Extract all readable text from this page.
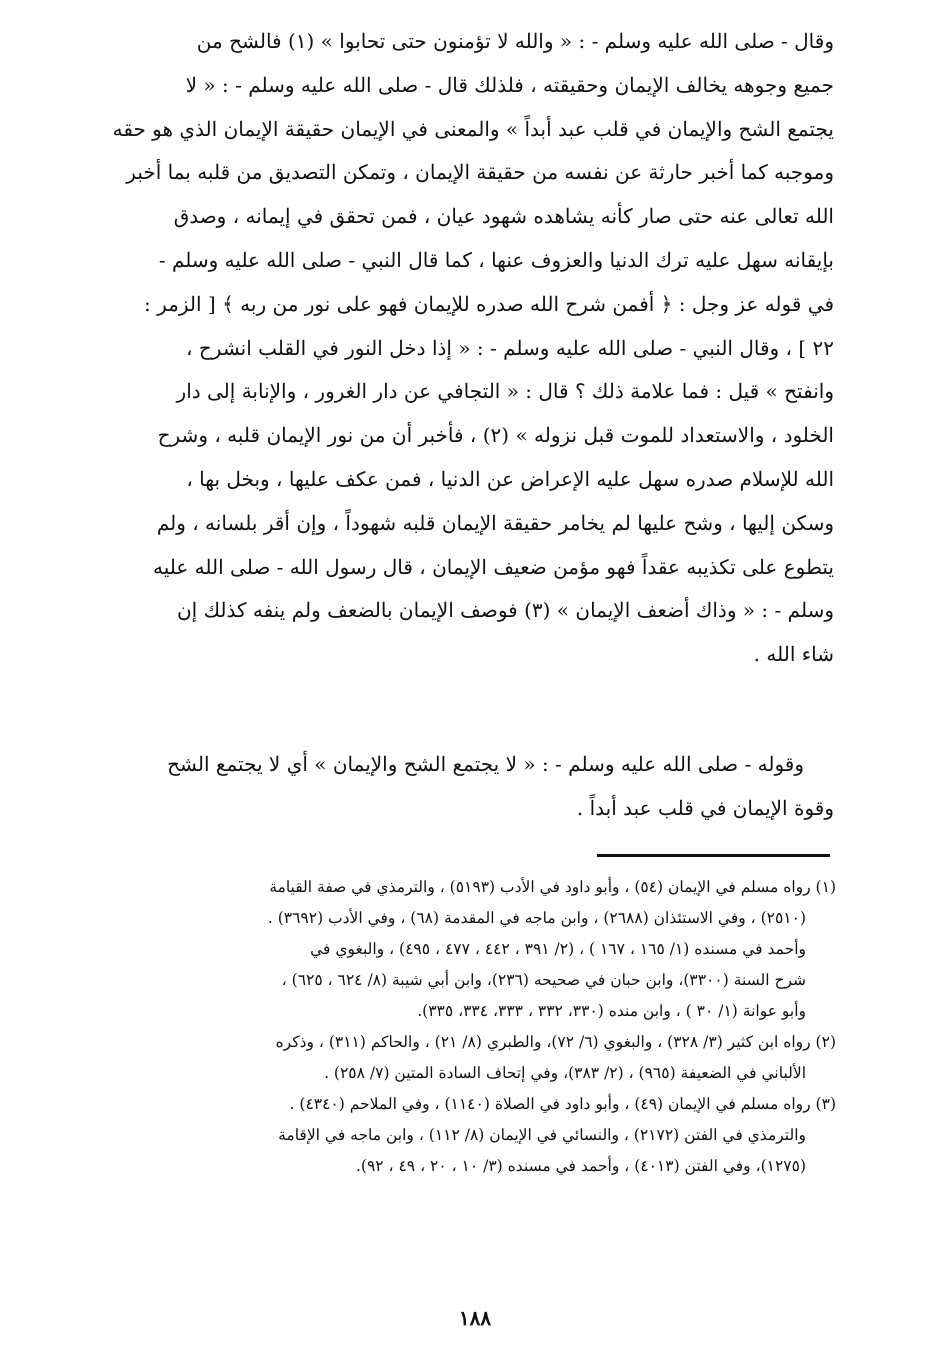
وقال - صلى الله عليه وسلم - : « والله لا تؤمنون حتى تحابوا » (١) فالشح من
جميع وجوهه يخالف الإيمان وحقيقته ، فلذلك قال - صلى الله عليه وسلم - : « لا
يجتمع الشح والإيمان في قلب عبد أبداً » والمعنى في الإيمان حقيقة الإيمان الذي هو حقه
وموجبه كما أخبر حارثة عن نفسه من حقيقة الإيمان ، وتمكن التصديق من قلبه بما أخبر
الله تعالى عنه حتى صار كأنه يشاهده شهود عيان ، فمن تحقق في إيمانه ، وصدق
بإيقانه سهل عليه ترك الدنيا والعزوف عنها ، كما قال النبي - صلى الله عليه وسلم -
في قوله عز وجل : ﴿ أفمن شرح الله صدره للإيمان فهو على نور من ربه ﴾ [ الزمر :
٢٢ ] ، وقال النبي - صلى الله عليه وسلم - : « إذا دخل النور في القلب انشرح ،
وانفتح » قيل : فما علامة ذلك ؟ قال : « التجافي عن دار الغرور ، والإنابة إلى دار
الخلود ، والاستعداد للموت قبل نزوله » (٢) ، فأخبر أن من نور الإيمان قلبه ، وشرح
الله للإسلام صدره سهل عليه الإعراض عن الدنيا ، فمن عكف عليها ، وبخل بها ،
وسكن إليها ، وشح عليها لم يخامر حقيقة الإيمان قلبه شهوداً ، وإن أقر بلسانه ، ولم
يتطوع على تكذيبه عقداً فهو مؤمن ضعيف الإيمان ، قال رسول الله - صلى الله عليه
وسلم - : « وذاك أضعف الإيمان » (٣) فوصف الإيمان بالضعف ولم ينفه كذلك إن
شاء الله .
وقوله - صلى الله عليه وسلم - : « لا يجتمع الشح والإيمان » أي لا يجتمع الشح
وقوة الإيمان في قلب عبد أبداً .
(١) رواه مسلم في الإيمان (٥٤) ، وأبو داود في الأدب (٥١٩٣) ، والترمذي في صفة القيامة
(٢٥١٠) ، وفي الاستئذان (٢٦٨٨) ، وابن ماجه في المقدمة (٦٨) ، وفي الأدب (٣٦٩٢) .
وأحمد في مسنده (١/ ١٦٥ ، ١٦٧ ) ، (٢/ ٣٩١ ، ٤٤٢ ، ٤٧٧ ، ٤٩٥) ، والبغوي في
شرح السنة (٣٣٠٠)، وابن حبان في صحيحه (٢٣٦)، وابن أبي شيبة (٨/ ٦٢٤ ، ٦٢٥) ،
وأبو عوانة (١/ ٣٠ ) ، وابن منده (٣٣٠، ٣٣٢ ، ٣٣٣، ٣٣٤، ٣٣٥).
(٢) رواه ابن كثير (٣/ ٣٢٨) ، والبغوي (٦/ ٧٢)، والطبري (٨/ ٢١) ، والحاكم (٣١١) ، وذكره
الألباني في الضعيفة (٩٦٥) ، (٢/ ٣٨٣)، وفي إتحاف السادة المتين (٧/ ٢٥٨) .
(٣) رواه مسلم في الإيمان (٤٩) ، وأبو داود في الصلاة (١١٤٠) ، وفي الملاحم (٤٣٤٠) .
والترمذي في الفتن (٢١٧٢) ، والنسائي في الإيمان (٨/ ١١٢) ، وابن ماجه في الإقامة
(١٢٧٥)، وفي الفتن (٤٠١٣) ، وأحمد في مسنده (٣/ ١٠ ، ٢٠ ، ٤٩ ، ٩٢).
١٨٨
